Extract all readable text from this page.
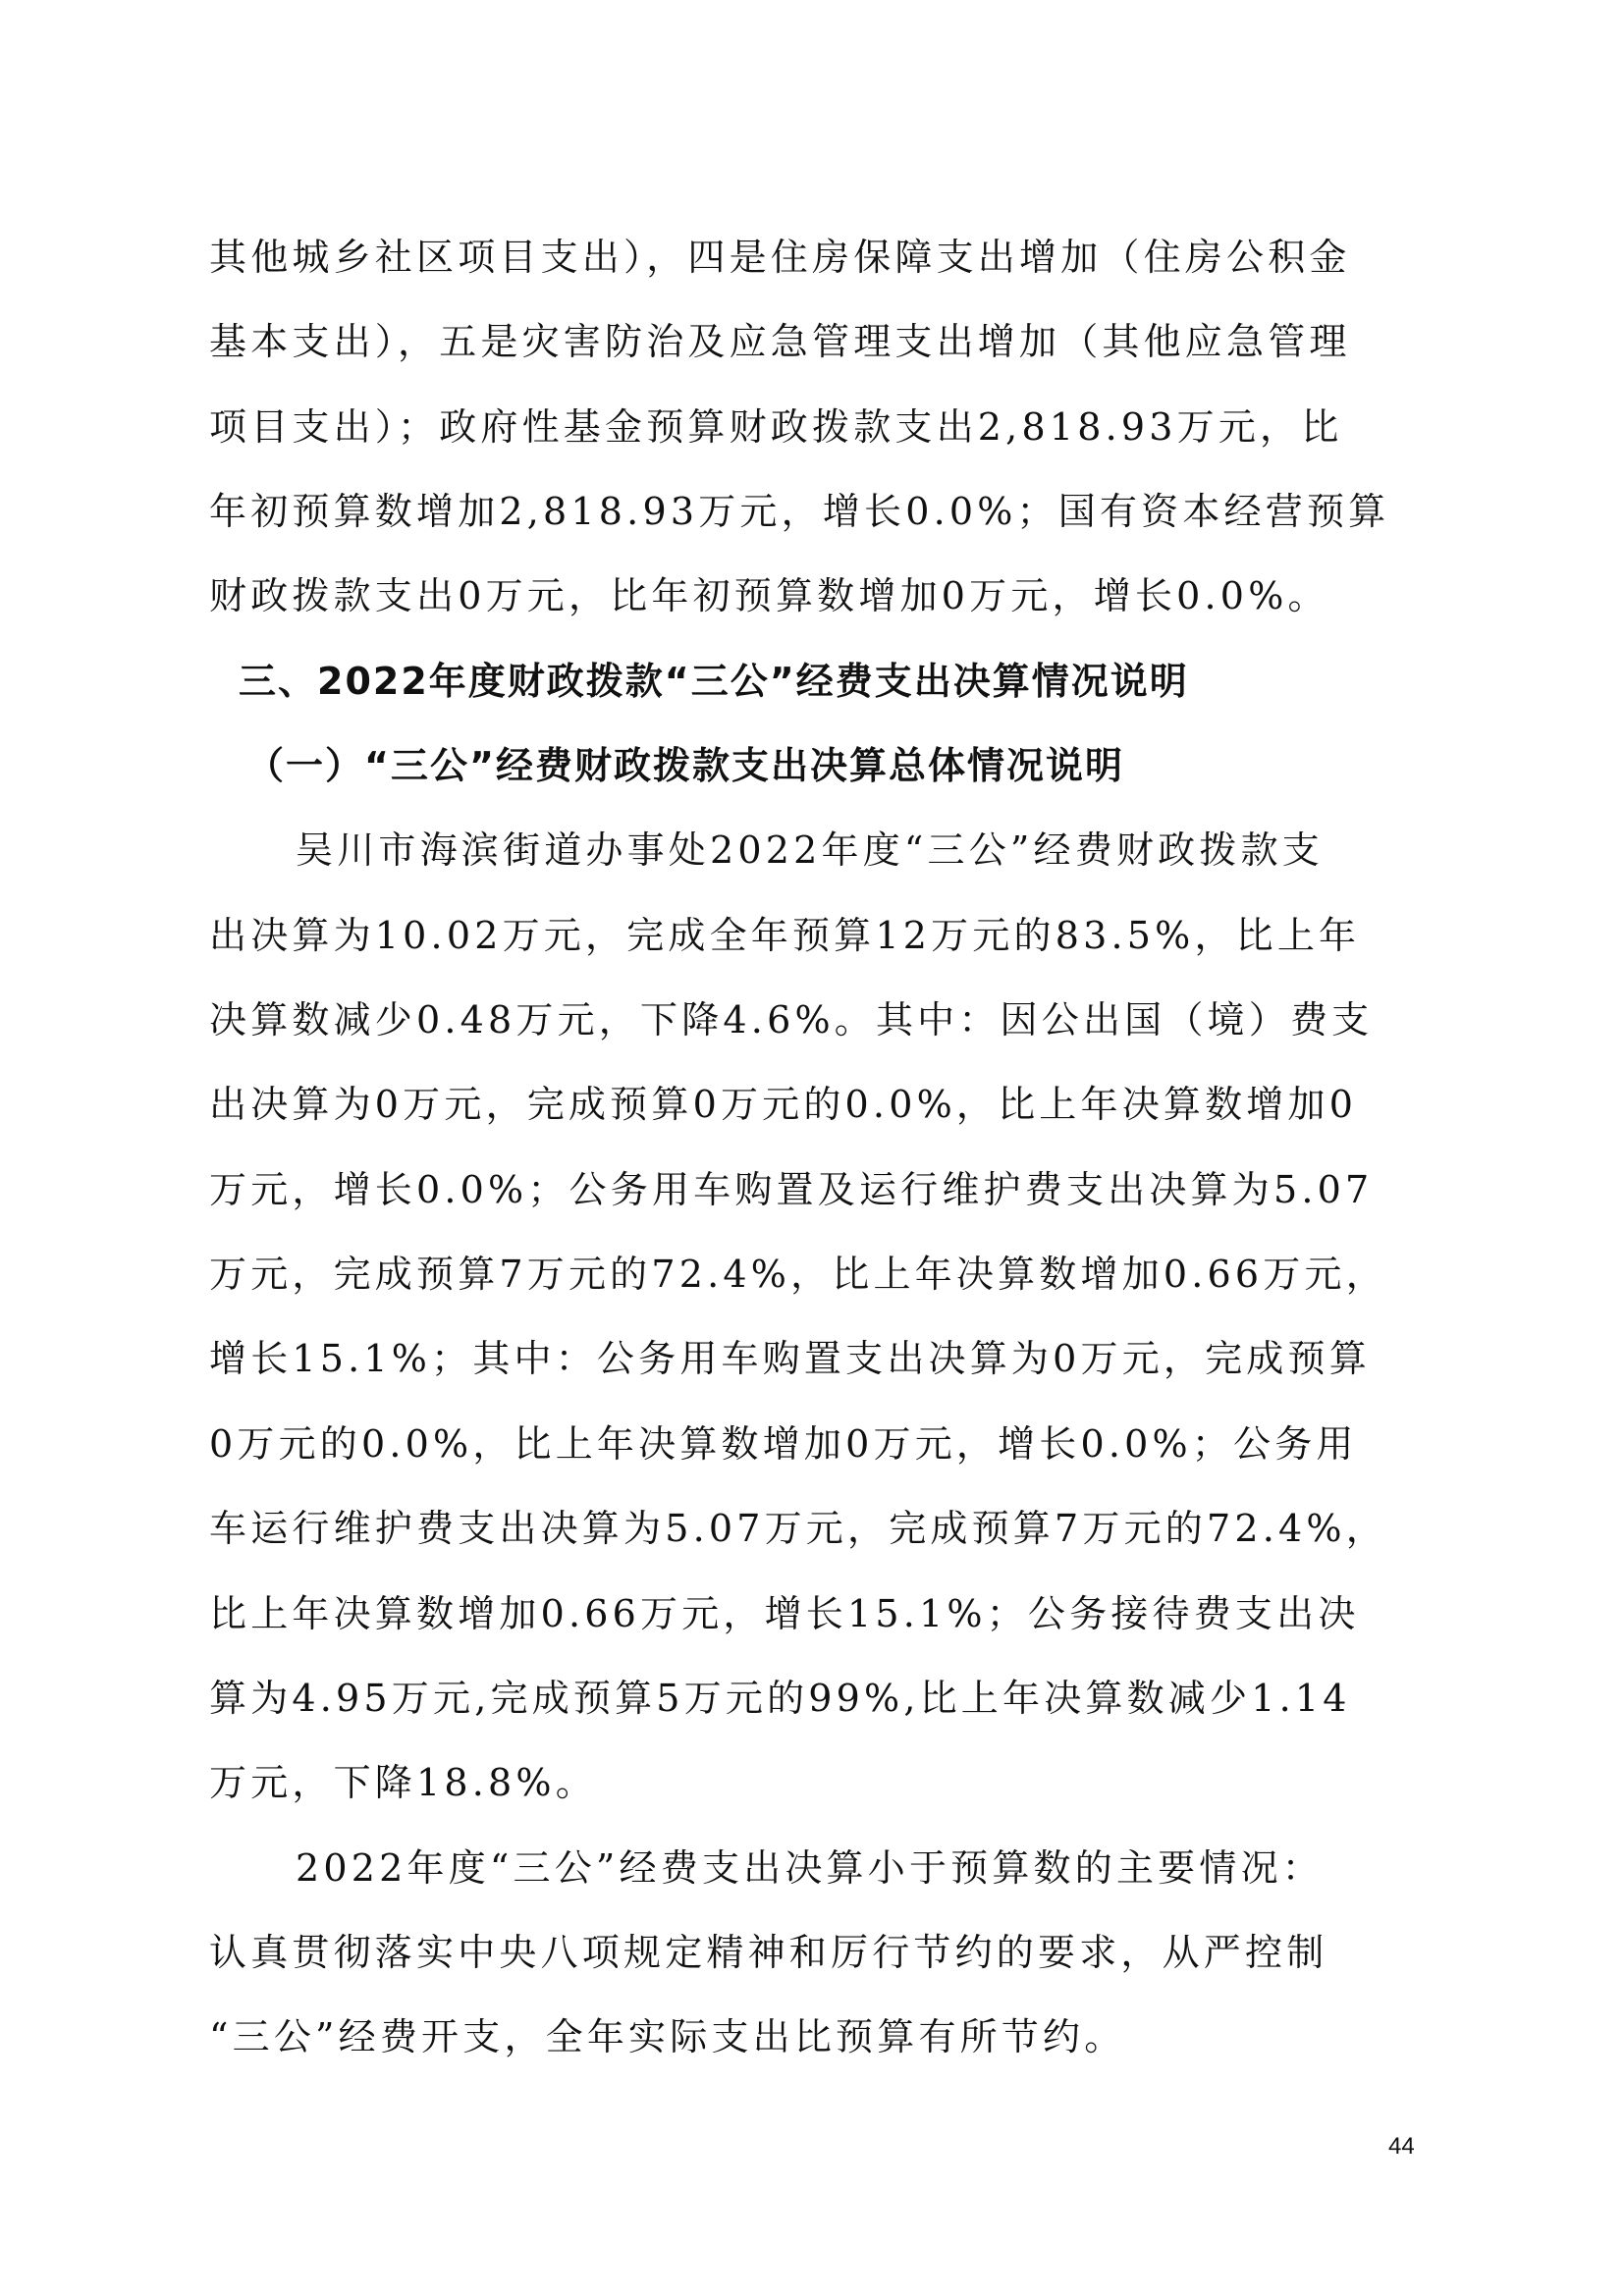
其他城乡社区项目支出），四是住房保障支出增加（住房公积金
基本支出），五是灾害防治及应急管理支出增加（其他应急管理
项目支出）；政府性基金预算财政拨款支出2,818.93万元，比
年初预算数增加2,818.93万元，增长0.0%；国有资本经营预算
财政拨款支出0万元，比年初预算数增加0万元，增长0.0%。
三、2022年度财政拨款“三公”经费支出决算情况说明
（一）“三公”经费财政拨款支出决算总体情况说明
吴川市海滨街道办事处2022年度“三公”经费财政拨款支
出决算为10.02万元，完成全年预算12万元的83.5%，比上年
决算数减少0.48万元，下降4.6%。其中：因公出国（境）费支
出决算为0万元，完成预算0万元的0.0%，比上年决算数增加0
万元，增长0.0%；公务用车购置及运行维护费支出决算为5.07
万元，完成预算7万元的72.4%，比上年决算数增加0.66万元，
增长15.1%；其中：公务用车购置支出决算为0万元，完成预算
0万元的0.0%，比上年决算数增加0万元，增长0.0%；公务用
车运行维护费支出决算为5.07万元，完成预算7万元的72.4%，
比上年决算数增加0.66万元，增长15.1%；公务接待费支出决
算为4.95万元,完成预算5万元的99%,比上年决算数减少1.14
万元，下降18.8%。
2022年度“三公”经费支出决算小于预算数的主要情况：
认真贯彻落实中央八项规定精神和厉行节约的要求，从严控制
“三公”经费开支，全年实际支出比预算有所节约。
44
